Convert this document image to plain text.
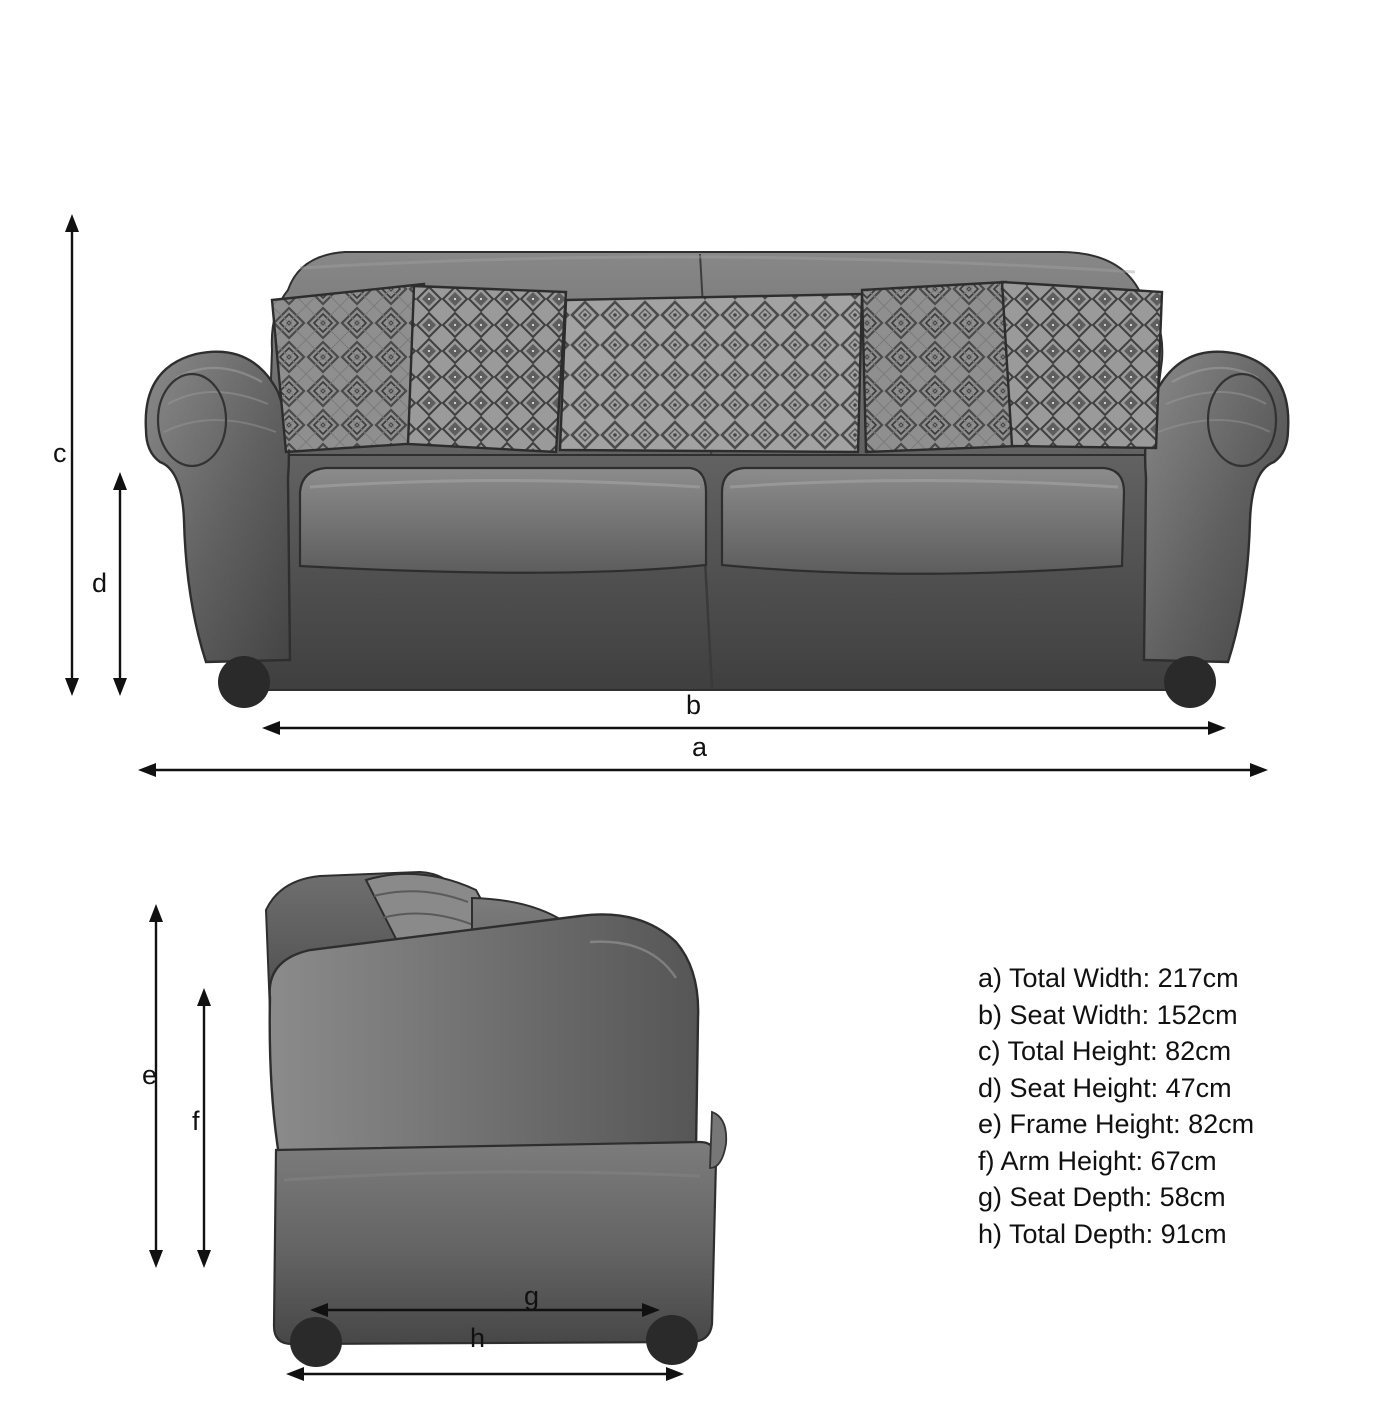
c
d
b
a
e
f
g
h
a) Total Width: 217cm
b) Seat Width: 152cm
c) Total Height: 82cm
d) Seat Height: 47cm
e) Frame Height: 82cm
f) Arm Height: 67cm
g) Seat Depth: 58cm
h) Total Depth: 91cm
